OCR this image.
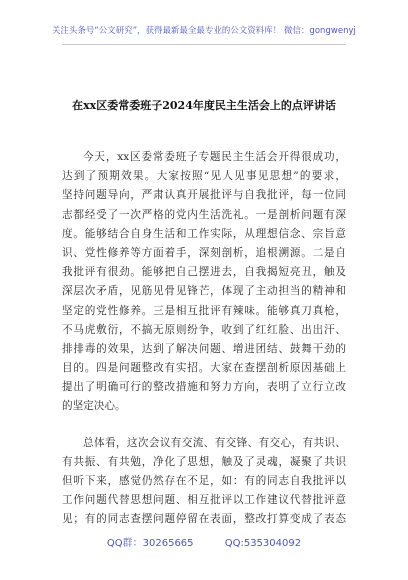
关注头条号“公文研究”，获得最新最全最专业的公文资料库！ 微信：gongwenyj
在xx区委常委班子2024年度民主生活会上的点评讲话
今天，xx区委常委班子专题民主生活会开得很成功，
达到了预期效果。大家按照“见人见事见思想”的要求，
坚持问题导向，严肃认真开展批评与自我批评，每一位同
志都经受了一次严格的党内生活洗礼。一是剖析问题有深
度。能够结合自身生活和工作实际，从理想信念、宗旨意
识、党性修养等方面着手，深刻剖析，追根溯源。二是自
我批评有很劲。能够把自己摆进去，自我揭短亮丑，触及
深层次矛盾，见筋见骨见锋芒，体现了主动担当的精神和
坚定的党性修养。三是相互批评有辣味。能够真刀真枪，
不马虎敷衍，不搞无原则纷争，收到了红红脸、出出汗、
排排毒的效果，达到了解决问题、增进团结、鼓舞干劲的
目的。四是问题整改有实招。大家在查摆剖析原因基础上
提出了明确可行的整改措施和努力方向，表明了立行立改
的坚定决心。
总体看，这次会议有交流、有交锋、有交心，有共识、
有共振、有共勉，净化了思想，触及了灵魂，凝聚了共识
但听下来，感觉仍然存在不足，如：有的同志自我批评以
工作问题代替思想问题、相互批评以工作建议代替批评意
见；有的同志查摆问题停留在表面，整改打算变成了表态
QQ群：30265665	QQ:535304092
